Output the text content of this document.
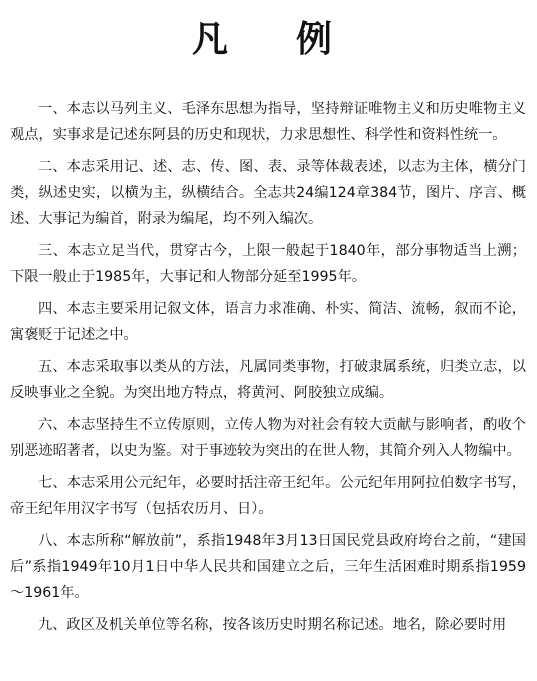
凡 例

一、本志以马列主义、毛泽东思想为指导，坚持辩证唯物主义和历史唯物主义观点，实事求是记述东阿县的历史和现状，力求思想性、科学性和资料性统一。

二、本志采用记、述、志、传、图、表、录等体裁表述，以志为主体，横分门类，纵述史实，以横为主，纵横结合。全志共24编124章384节，图片、序言、概述、大事记为编首，附录为编尾，均不列入编次。

三、本志立足当代，贯穿古今，上限一般起于1840年，部分事物适当上溯；下限一般止于1985年，大事记和人物部分延至1995年。

四、本志主要采用记叙文体，语言力求准确、朴实、简洁、流畅，叙而不论，寓褒贬于记述之中。

五、本志采取事以类从的方法，凡属同类事物，打破隶属系统，归类立志，以反映事业之全貌。为突出地方特点，将黄河、阿胶独立成编。

六、本志坚持生不立传原则，立传人物为对社会有较大贡献与影响者，酌收个别恶迹昭著者，以史为鉴。对于事迹较为突出的在世人物，其简介列入人物编中。

七、本志采用公元纪年，必要时括注帝王纪年。公元纪年用阿拉伯数字书写，帝王纪年用汉字书写（包括农历月、日）。

八、本志所称“解放前”，系指1948年3月13日国民党县政府垮台之前，“建国后”系指1949年10月1日中华人民共和国建立之后，三年生活困难时期系指1959～1961年。

九、政区及机关单位等名称，按各该历史时期名称记述。地名，除必要时用
